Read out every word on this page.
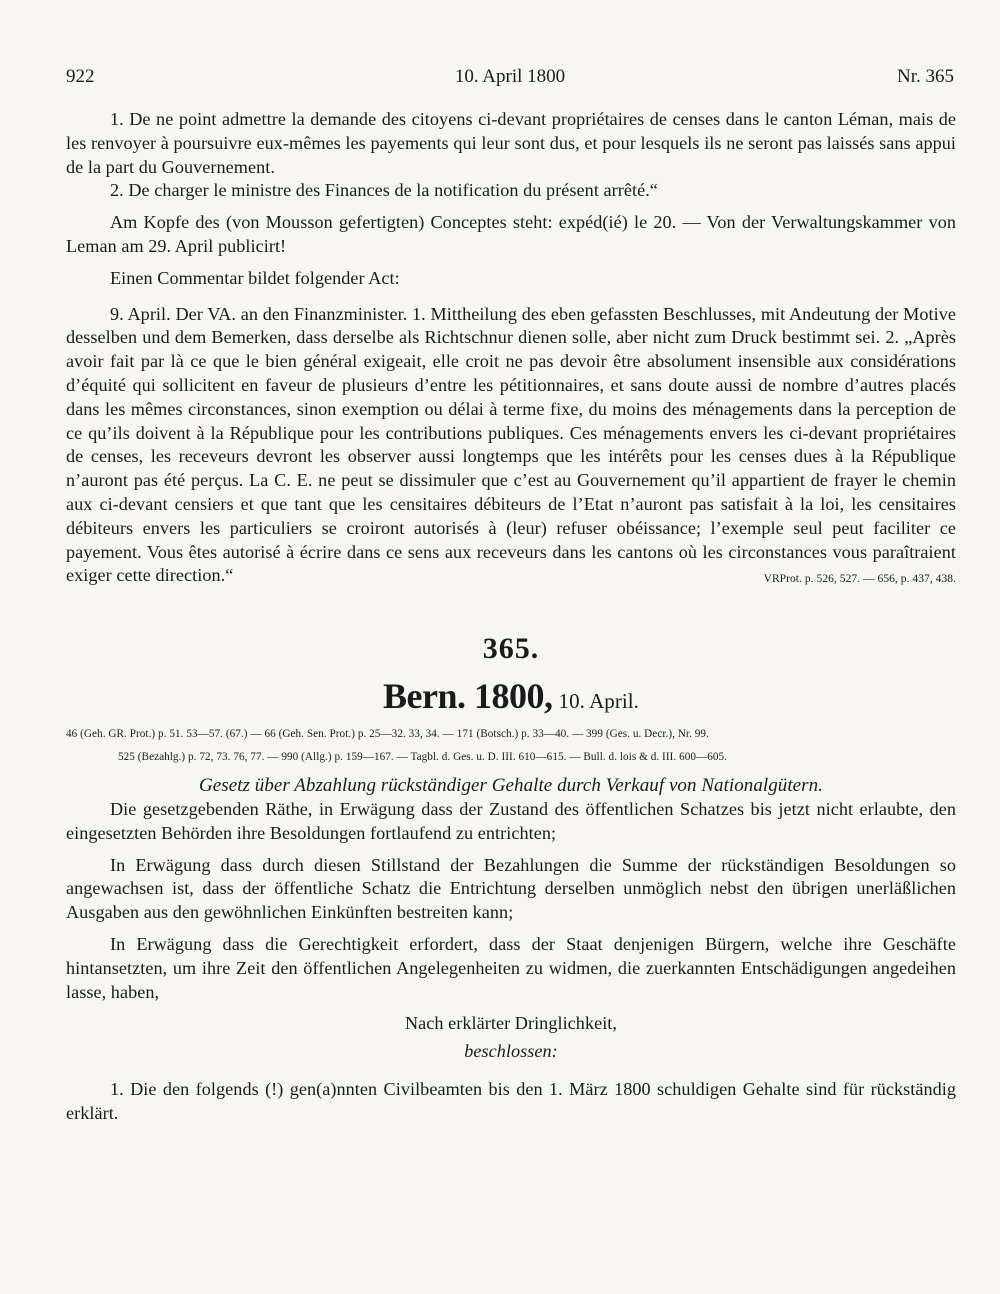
922	10. April 1800	Nr. 365

1. De ne point admettre la demande des citoyens ci-devant propriétaires de censes dans le canton Léman, mais de les renvoyer à poursuivre eux-mêmes les payements qui leur sont dus, et pour lesquels ils ne seront pas laissés sans appui de la part du Gouvernement.

2. De charger le ministre des Finances de la notification du présent arrêté.“

Am Kopfe des (von Mousson gefertigten) Conceptes steht: expéd(ié) le 20. — Von der Verwaltungskammer von Leman am 29. April publicirt!

Einen Commentar bildet folgender Act:

9. April. Der VA. an den Finanzminister. 1. Mittheilung des eben gefassten Beschlusses, mit Andeutung der Motive desselben und dem Bemerken, dass derselbe als Richtschnur dienen solle, aber nicht zum Druck bestimmt sei. 2. „Après avoir fait par là ce que le bien général exigeait, elle croit ne pas devoir être absolument insensible aux considérations d’équité qui sollicitent en faveur de plusieurs d’entre les pétitionnaires, et sans doute aussi de nombre d’autres placés dans les mêmes circonstances, sinon exemption ou délai à terme fixe, du moins des ménagements dans la perception de ce qu’ils doivent à la République pour les contributions publiques. Ces ménagements envers les ci-devant propriétaires de censes, les receveurs devront les observer aussi longtemps que les intérêts pour les censes dues à la République n’auront pas été perçus. La C. E. ne peut se dissimuler que c’est au Gouvernement qu’il appartient de frayer le chemin aux ci-devant censiers et que tant que les censitaires débiteurs de l’Etat n’auront pas satisfait à la loi, les censitaires débiteurs envers les particuliers se croiront autorisés à (leur) refuser obéissance; l’exemple seul peut faciliter ce payement. Vous êtes autorisé à écrire dans ce sens aux receveurs dans les cantons où les circonstances vous paraîtraient exiger cette direction.“	VRProt. p. 526, 527. — 656, p. 437, 438.

365.

Bern. 1800, 10. April.

46 (Geh. GR. Prot.) p. 51. 53—57. (67.) — 66 (Geh. Sen. Prot.) p. 25—32. 33, 34. — 171 (Botsch.) p. 33—40. — 399 (Ges. u. Decr.), Nr. 99.

525 (Bezahlg.) p. 72, 73. 76, 77. — 990 (Allg.) p. 159—167. — Tagbl. d. Ges. u. D. III. 610—615. — Bull. d. lois & d. III. 600—605.

Gesetz über Abzahlung rückständiger Gehalte durch Verkauf von Nationalgütern.

Die gesetzgebenden Räthe, in Erwägung dass der Zustand des öffentlichen Schatzes bis jetzt nicht erlaubte, den eingesetzten Behörden ihre Besoldungen fortlaufend zu entrichten;

In Erwägung dass durch diesen Stillstand der Bezahlungen die Summe der rückständigen Besoldungen so angewachsen ist, dass der öffentliche Schatz die Entrichtung derselben unmöglich nebst den übrigen unerläßlichen Ausgaben aus den gewöhnlichen Einkünften bestreiten kann;

In Erwägung dass die Gerechtigkeit erfordert, dass der Staat denjenigen Bürgern, welche ihre Geschäfte hintansetzten, um ihre Zeit den öffentlichen Angelegenheiten zu widmen, die zuerkannten Entschädigungen angedeihen lasse, haben,

Nach erklärter Dringlichkeit,

beschlossen:

1. Die den folgends (!) gen(a)nnten Civilbeamten bis den 1. März 1800 schuldigen Gehalte sind für rückständig erklärt.
